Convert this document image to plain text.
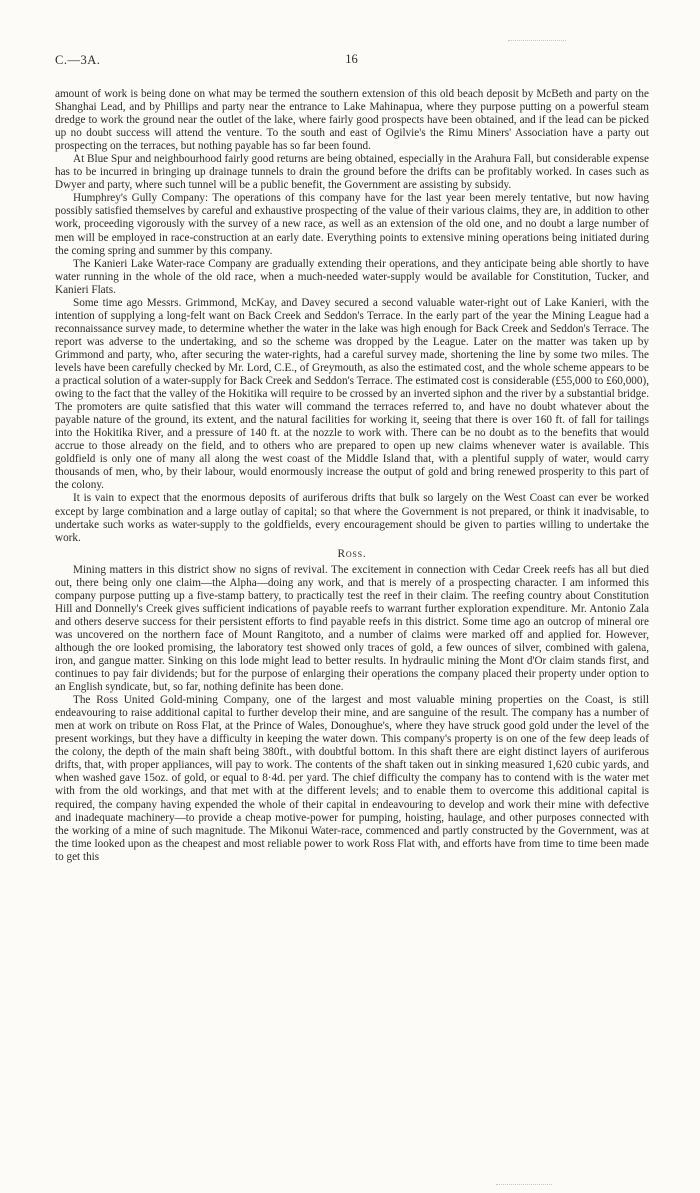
C.—3A.	16

amount of work is being done on what may be termed the southern extension of this old beach deposit by McBeth and party on the Shanghai Lead, and by Phillips and party near the entrance to Lake Mahinapua, where they purpose putting on a powerful steam dredge to work the ground near the outlet of the lake, where fairly good prospects have been obtained, and if the lead can be picked up no doubt success will attend the venture. To the south and east of Ogilvie's the Rimu Miners' Association have a party out prospecting on the terraces, but nothing payable has so far been found.

At Blue Spur and neighbourhood fairly good returns are being obtained, especially in the Arahura Fall, but considerable expense has to be incurred in bringing up drainage tunnels to drain the ground before the drifts can be profitably worked. In cases such as Dwyer and party, where such tunnel will be a public benefit, the Government are assisting by subsidy.

Humphrey's Gully Company: The operations of this company have for the last year been merely tentative, but now having possibly satisfied themselves by careful and exhaustive prospecting of the value of their various claims, they are, in addition to other work, proceeding vigorously with the survey of a new race, as well as an extension of the old one, and no doubt a large number of men will be employed in race-construction at an early date. Everything points to extensive mining operations being initiated during the coming spring and summer by this company.

The Kanieri Lake Water-race Company are gradually extending their operations, and they anticipate being able shortly to have water running in the whole of the old race, when a much-needed water-supply would be available for Constitution, Tucker, and Kanieri Flats.

Some time ago Messrs. Grimmond, McKay, and Davey secured a second valuable water-right out of Lake Kanieri, with the intention of supplying a long-felt want on Back Creek and Seddon's Terrace. In the early part of the year the Mining League had a reconnaissance survey made, to determine whether the water in the lake was high enough for Back Creek and Seddon's Terrace. The report was adverse to the undertaking, and so the scheme was dropped by the League. Later on the matter was taken up by Grimmond and party, who, after securing the water-rights, had a careful survey made, shortening the line by some two miles. The levels have been carefully checked by Mr. Lord, C.E., of Greymouth, as also the estimated cost, and the whole scheme appears to be a practical solution of a water-supply for Back Creek and Seddon's Terrace. The estimated cost is considerable (£55,000 to £60,000), owing to the fact that the valley of the Hokitika will require to be crossed by an inverted siphon and the river by a substantial bridge. The promoters are quite satisfied that this water will command the terraces referred to, and have no doubt whatever about the payable nature of the ground, its extent, and the natural facilities for working it, seeing that there is over 160 ft. of fall for tailings into the Hokitika River, and a pressure of 140 ft. at the nozzle to work with. There can be no doubt as to the benefits that would accrue to those already on the field, and to others who are prepared to open up new claims whenever water is available. This goldfield is only one of many all along the west coast of the Middle Island that, with a plentiful supply of water, would carry thousands of men, who, by their labour, would enormously increase the output of gold and bring renewed prosperity to this part of the colony.

It is vain to expect that the enormous deposits of auriferous drifts that bulk so largely on the West Coast can ever be worked except by large combination and a large outlay of capital; so that where the Government is not prepared, or think it inadvisable, to undertake such works as water-supply to the goldfields, every encouragement should be given to parties willing to undertake the work.

Ross.

Mining matters in this district show no signs of revival. The excitement in connection with Cedar Creek reefs has all but died out, there being only one claim—the Alpha—doing any work, and that is merely of a prospecting character. I am informed this company purpose putting up a five-stamp battery, to practically test the reef in their claim. The reefing country about Constitution Hill and Donnelly's Creek gives sufficient indications of payable reefs to warrant further exploration expenditure. Mr. Antonio Zala and others deserve success for their persistent efforts to find payable reefs in this district. Some time ago an outcrop of mineral ore was uncovered on the northern face of Mount Rangitoto, and a number of claims were marked off and applied for. However, although the ore looked promising, the laboratory test showed only traces of gold, a few ounces of silver, combined with galena, iron, and gangue matter. Sinking on this lode might lead to better results. In hydraulic mining the Mont d'Or claim stands first, and continues to pay fair dividends; but for the purpose of enlarging their operations the company placed their property under option to an English syndicate, but, so far, nothing definite has been done.

The Ross United Gold-mining Company, one of the largest and most valuable mining properties on the Coast, is still endeavouring to raise additional capital to further develop their mine, and are sanguine of the result. The company has a number of men at work on tribute on Ross Flat, at the Prince of Wales, Donoughue's, where they have struck good gold under the level of the present workings, but they have a difficulty in keeping the water down. This company's property is on one of the few deep leads of the colony, the depth of the main shaft being 380ft., with doubtful bottom. In this shaft there are eight distinct layers of auriferous drifts, that, with proper appliances, will pay to work. The contents of the shaft taken out in sinking measured 1,620 cubic yards, and when washed gave 15oz. of gold, or equal to 8·4d. per yard. The chief difficulty the company has to contend with is the water met with from the old workings, and that met with at the different levels; and to enable them to overcome this additional capital is required, the company having expended the whole of their capital in endeavouring to develop and work their mine with defective and inadequate machinery—to provide a cheap motive-power for pumping, hoisting, haulage, and other purposes connected with the working of a mine of such magnitude. The Mikonui Water-race, commenced and partly constructed by the Government, was at the time looked upon as the cheapest and most reliable power to work Ross Flat with, and efforts have from time to time been made to get this
